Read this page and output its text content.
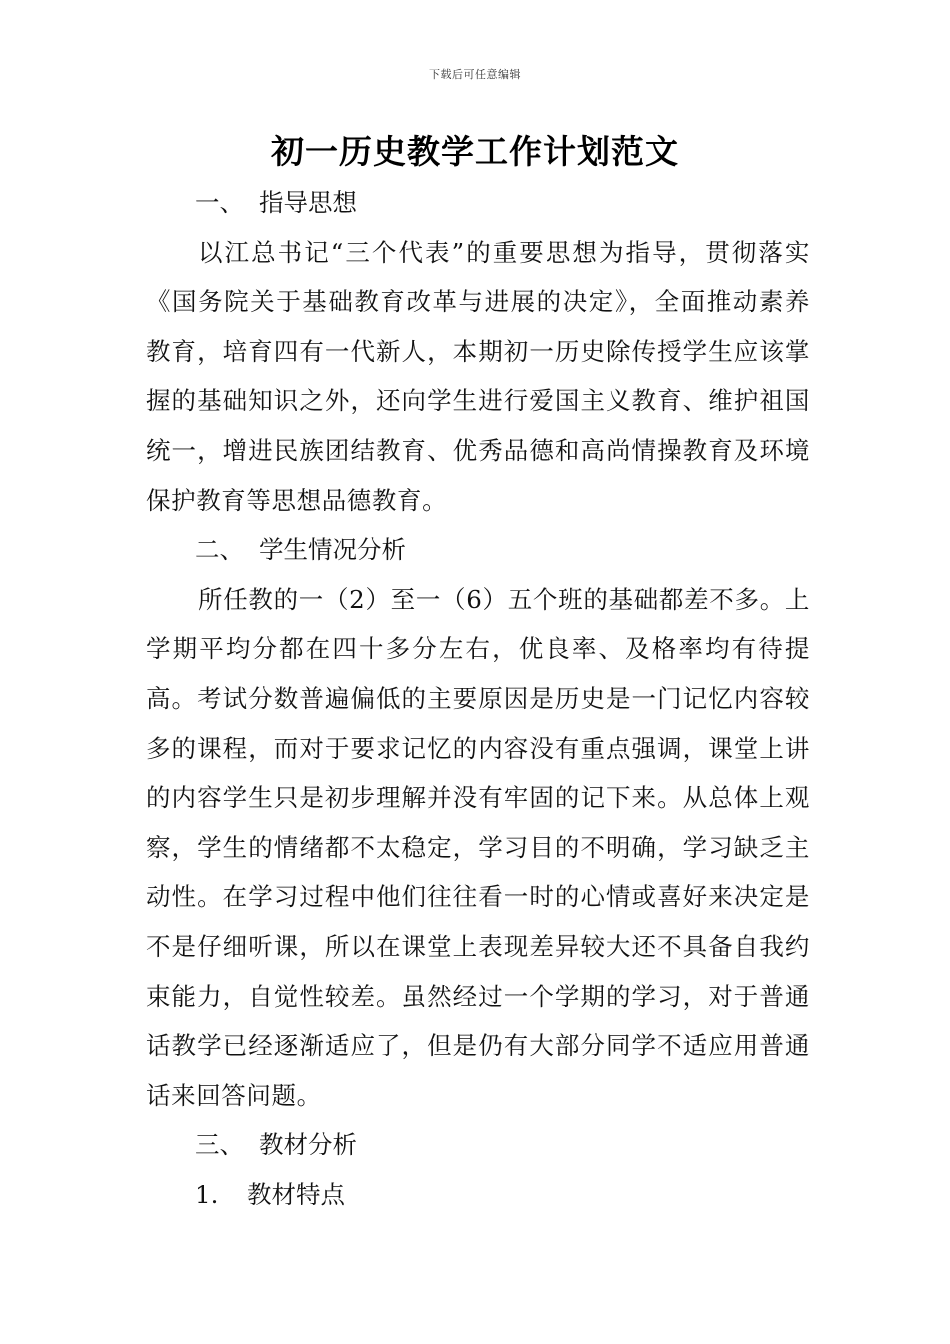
下载后可任意编辑
初一历史教学工作计划范文
一、 指导思想
以江总书记“三个代表”的重要思想为指导，贯彻落实《国务院关于基础教育改革与进展的决定》，全面推动素养教育，培育四有一代新人，本期初一历史除传授学生应该掌握的基础知识之外，还向学生进行爱国主义教育、维护祖国统一，增进民族团结教育、优秀品德和高尚情操教育及环境保护教育等思想品德教育。
二、 学生情况分析
所任教的一（2）至一（6）五个班的基础都差不多。上学期平均分都在四十多分左右，优良率、及格率均有待提高。考试分数普遍偏低的主要原因是历史是一门记忆内容较多的课程，而对于要求记忆的内容没有重点强调，课堂上讲的内容学生只是初步理解并没有牢固的记下来。从总体上观察，学生的情绪都不太稳定，学习目的不明确，学习缺乏主动性。在学习过程中他们往往看一时的心情或喜好来决定是不是仔细听课，所以在课堂上表现差异较大还不具备自我约束能力，自觉性较差。虽然经过一个学期的学习，对于普通话教学已经逐渐适应了，但是仍有大部分同学不适应用普通话来回答问题。
三、 教材分析
1. 教材特点
